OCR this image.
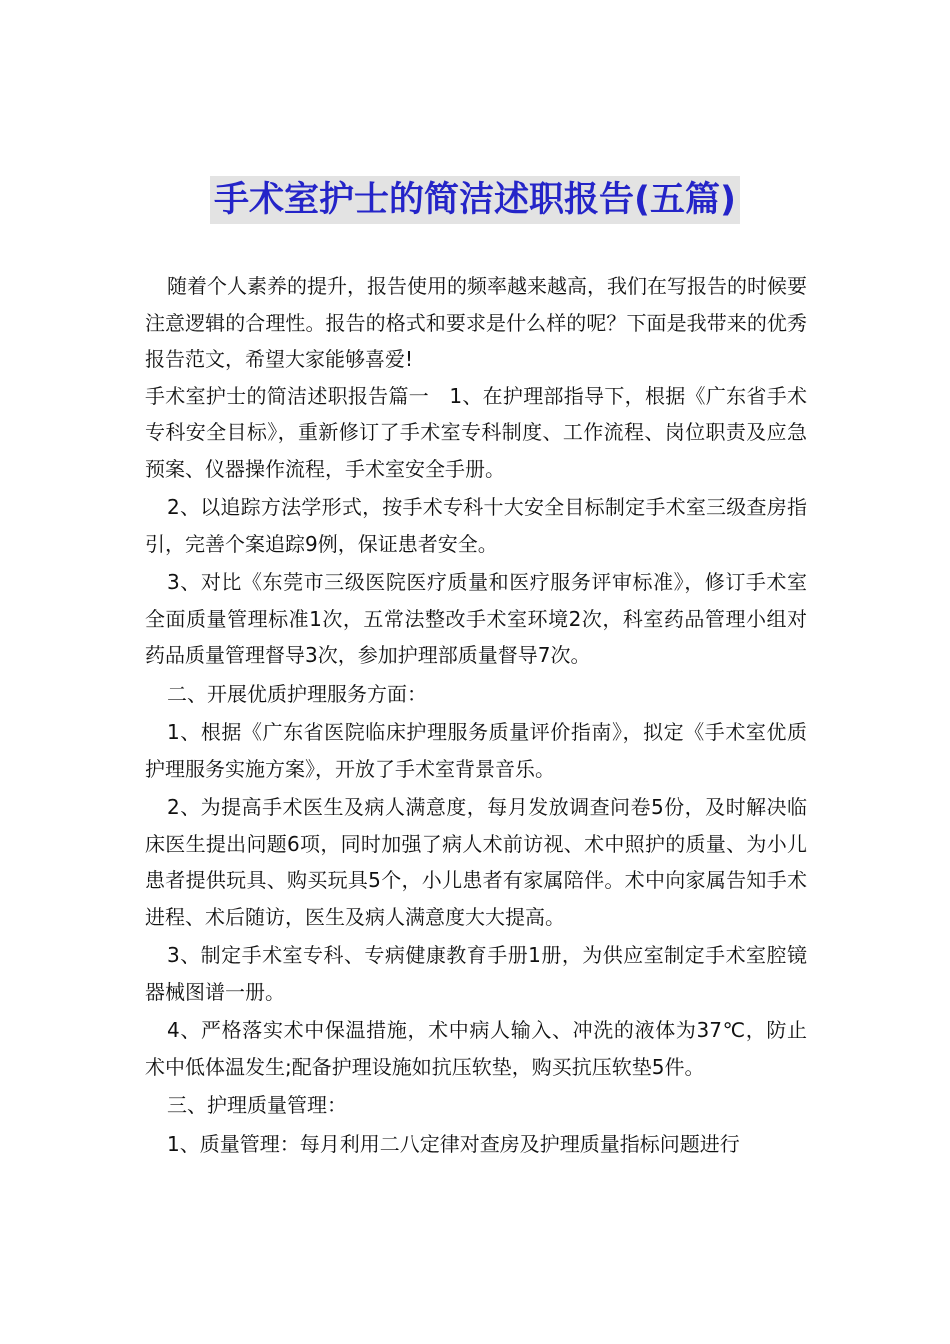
手术室护士的简洁述职报告(五篇)

随着个人素养的提升，报告使用的频率越来越高，我们在写报告的时候要注意逻辑的合理性。报告的格式和要求是什么样的呢？下面是我带来的优秀报告范文，希望大家能够喜爱!

手术室护士的简洁述职报告篇一　1、在护理部指导下，根据《广东省手术专科安全目标》，重新修订了手术室专科制度、工作流程、岗位职责及应急预案、仪器操作流程，手术室安全手册。

2、以追踪方法学形式，按手术专科十大安全目标制定手术室三级查房指引，完善个案追踪9例，保证患者安全。

3、对比《东莞市三级医院医疗质量和医疗服务评审标准》，修订手术室全面质量管理标准1次，五常法整改手术室环境2次，科室药品管理小组对药品质量管理督导3次，参加护理部质量督导7次。

二、开展优质护理服务方面：

1、根据《广东省医院临床护理服务质量评价指南》，拟定《手术室优质护理服务实施方案》，开放了手术室背景音乐。

2、为提高手术医生及病人满意度，每月发放调查问卷5份，及时解决临床医生提出问题6项，同时加强了病人术前访视、术中照护的质量、为小儿患者提供玩具、购买玩具5个，小儿患者有家属陪伴。术中向家属告知手术进程、术后随访，医生及病人满意度大大提高。

3、制定手术室专科、专病健康教育手册1册，为供应室制定手术室腔镜器械图谱一册。

4、严格落实术中保温措施，术中病人输入、冲洗的液体为37℃，防止术中低体温发生;配备护理设施如抗压软垫，购买抗压软垫5件。

三、护理质量管理：

1、质量管理：每月利用二八定律对查房及护理质量指标问题进行
